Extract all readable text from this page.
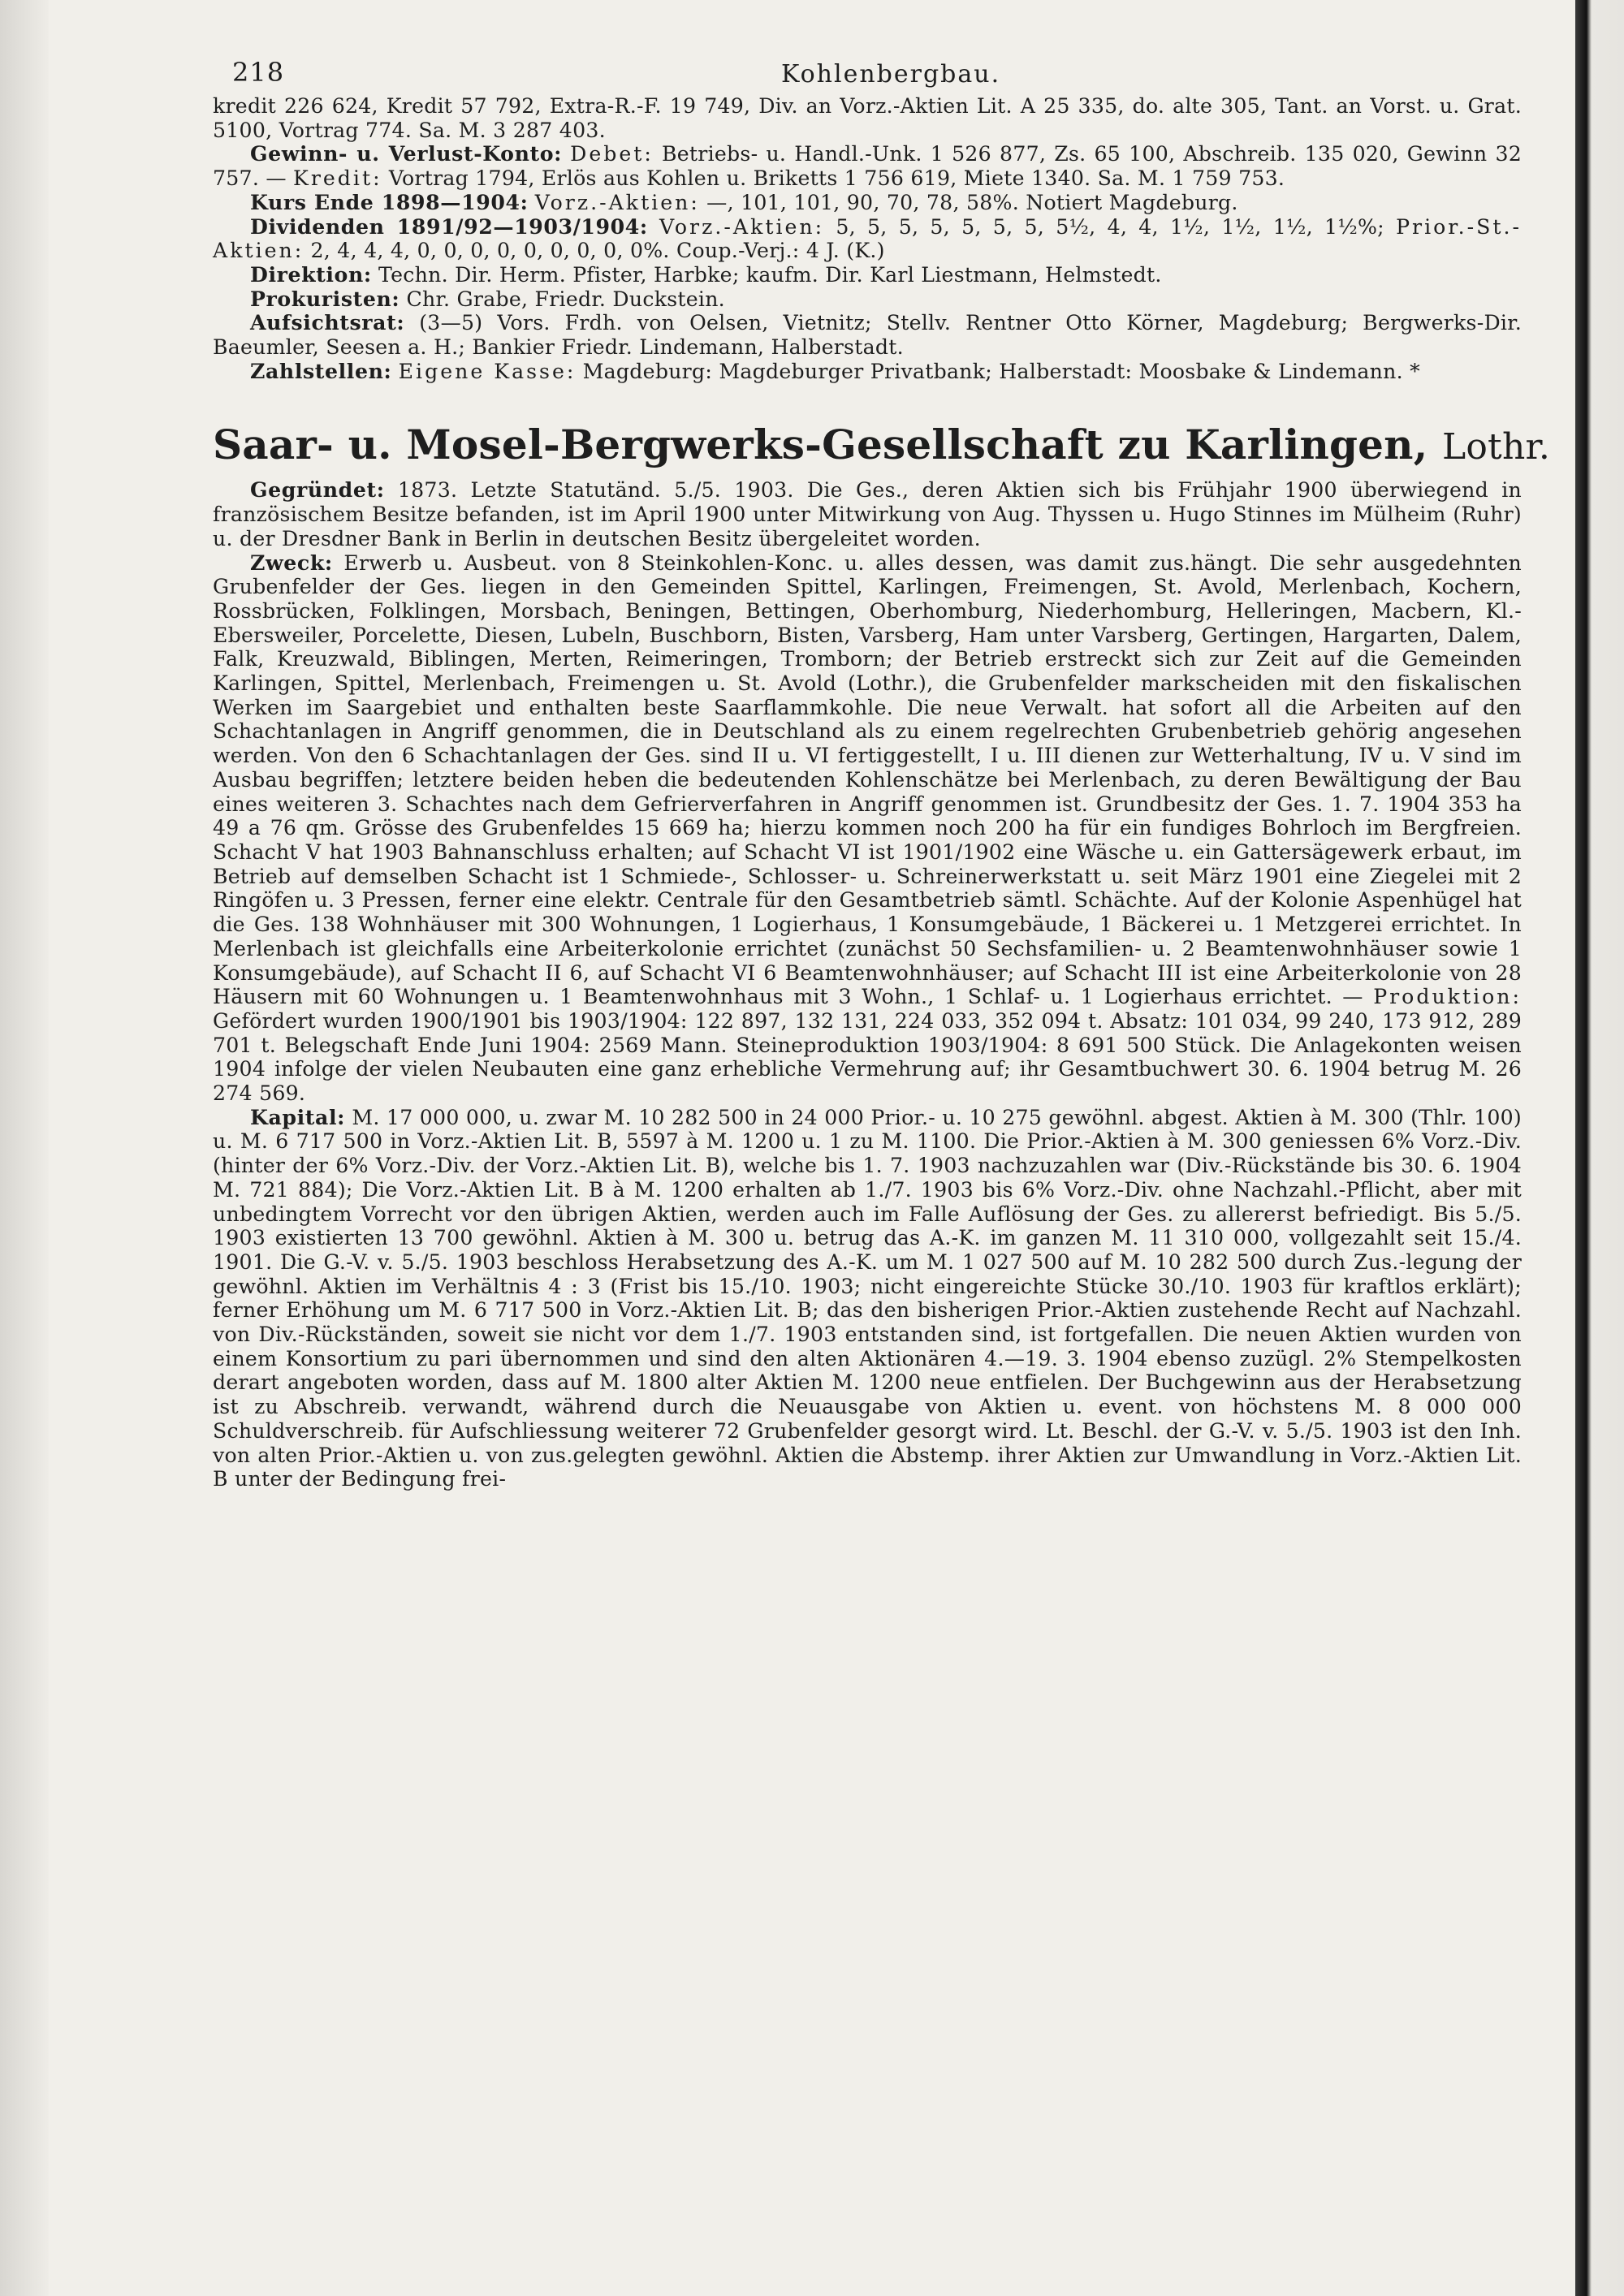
218	Kohlenbergbau.

kredit 226 624, Kredit 57 792, Extra-R.-F. 19 749, Div. an Vorz.-Aktien Lit. A 25 335, do. alte 305, Tant. an Vorst. u. Grat. 5100, Vortrag 774. Sa. M. 3 287 403.

Gewinn- u. Verlust-Konto: Debet: Betriebs- u. Handl.-Unk. 1 526 877, Zs. 65 100, Abschreib. 135 020, Gewinn 32 757. — Kredit: Vortrag 1794, Erlös aus Kohlen u. Briketts 1 756 619, Miete 1340. Sa. M. 1 759 753.

Kurs Ende 1898—1904: Vorz.-Aktien: —, 101, 101, 90, 70, 78, 58%. Notiert Magdeburg.

Dividenden 1891/92—1903/1904: Vorz.-Aktien: 5, 5, 5, 5, 5, 5, 5, 5½, 4, 4, 1½, 1½, 1½, 1½%; Prior.-St.-Aktien: 2, 4, 4, 4, 0, 0, 0, 0, 0, 0, 0, 0, 0%. Coup.-Verj.: 4 J. (K.)

Direktion: Techn. Dir. Herm. Pfister, Harbke; kaufm. Dir. Karl Liestmann, Helmstedt.

Prokuristen: Chr. Grabe, Friedr. Duckstein.

Aufsichtsrat: (3—5) Vors. Frdh. von Oelsen, Vietnitz; Stellv. Rentner Otto Körner, Magdeburg; Bergwerks-Dir. Baeumler, Seesen a. H.; Bankier Friedr. Lindemann, Halberstadt.

Zahlstellen: Eigene Kasse: Magdeburg: Magdeburger Privatbank; Halberstadt: Moosbake & Lindemann. *

Saar- u. Mosel-Bergwerks-Gesellschaft zu Karlingen, Lothr.

Gegründet: 1873. Letzte Statutänd. 5./5. 1903. Die Ges., deren Aktien sich bis Frühjahr 1900 überwiegend in französischem Besitze befanden, ist im April 1900 unter Mitwirkung von Aug. Thyssen u. Hugo Stinnes im Mülheim (Ruhr) u. der Dresdner Bank in Berlin in deutschen Besitz übergeleitet worden.

Zweck: Erwerb u. Ausbeut. von 8 Steinkohlen-Konc. u. alles dessen, was damit zus.hängt. Die sehr ausgedehnten Grubenfelder der Ges. liegen in den Gemeinden Spittel, Karlingen, Freimengen, St. Avold, Merlenbach, Kochern, Rossbrücken, Folklingen, Morsbach, Beningen, Bettingen, Oberhomburg, Niederhomburg, Helleringen, Macbern, Kl.-Ebersweiler, Porcelette, Diesen, Lubeln, Buschborn, Bisten, Varsberg, Ham unter Varsberg, Gertingen, Hargarten, Dalem, Falk, Kreuzwald, Biblingen, Merten, Reimeringen, Tromborn; der Betrieb erstreckt sich zur Zeit auf die Gemeinden Karlingen, Spittel, Merlenbach, Freimengen u. St. Avold (Lothr.), die Grubenfelder markscheiden mit den fiskalischen Werken im Saargebiet und enthalten beste Saarflammkohle. Die neue Verwalt. hat sofort all die Arbeiten auf den Schachtanlagen in Angriff genommen, die in Deutschland als zu einem regelrechten Grubenbetrieb gehörig angesehen werden. Von den 6 Schachtanlagen der Ges. sind II u. VI fertiggestellt, I u. III dienen zur Wetterhaltung, IV u. V sind im Ausbau begriffen; letztere beiden heben die bedeutenden Kohlenschätze bei Merlenbach, zu deren Bewältigung der Bau eines weiteren 3. Schachtes nach dem Gefrierverfahren in Angriff genommen ist. Grundbesitz der Ges. 1. 7. 1904 353 ha 49 a 76 qm. Grösse des Grubenfeldes 15 669 ha; hierzu kommen noch 200 ha für ein fundiges Bohrloch im Bergfreien. Schacht V hat 1903 Bahnanschluss erhalten; auf Schacht VI ist 1901/1902 eine Wäsche u. ein Gattersägewerk erbaut, im Betrieb auf demselben Schacht ist 1 Schmiede-, Schlosser- u. Schreinerwerkstatt u. seit März 1901 eine Ziegelei mit 2 Ringöfen u. 3 Pressen, ferner eine elektr. Centrale für den Gesamtbetrieb sämtl. Schächte. Auf der Kolonie Aspenhügel hat die Ges. 138 Wohnhäuser mit 300 Wohnungen, 1 Logierhaus, 1 Konsumgebäude, 1 Bäckerei u. 1 Metzgerei errichtet. In Merlenbach ist gleichfalls eine Arbeiterkolonie errichtet (zunächst 50 Sechsfamilien- u. 2 Beamtenwohnhäuser sowie 1 Konsumgebäude), auf Schacht II 6, auf Schacht VI 6 Beamtenwohnhäuser; auf Schacht III ist eine Arbeiterkolonie von 28 Häusern mit 60 Wohnungen u. 1 Beamtenwohnhaus mit 3 Wohn., 1 Schlaf- u. 1 Logierhaus errichtet. — Produktion: Gefördert wurden 1900/1901 bis 1903/1904: 122 897, 132 131, 224 033, 352 094 t. Absatz: 101 034, 99 240, 173 912, 289 701 t. Belegschaft Ende Juni 1904: 2569 Mann. Steineproduktion 1903/1904: 8 691 500 Stück. Die Anlagekonten weisen 1904 infolge der vielen Neubauten eine ganz erhebliche Vermehrung auf; ihr Gesamtbuchwert 30. 6. 1904 betrug M. 26 274 569.

Kapital: M. 17 000 000, u. zwar M. 10 282 500 in 24 000 Prior.- u. 10 275 gewöhnl. abgest. Aktien à M. 300 (Thlr. 100) u. M. 6 717 500 in Vorz.-Aktien Lit. B, 5597 à M. 1200 u. 1 zu M. 1100. Die Prior.-Aktien à M. 300 geniessen 6% Vorz.-Div. (hinter der 6% Vorz.-Div. der Vorz.-Aktien Lit. B), welche bis 1. 7. 1903 nachzuzahlen war (Div.-Rückstände bis 30. 6. 1904 M. 721 884); Die Vorz.-Aktien Lit. B à M. 1200 erhalten ab 1./7. 1903 bis 6% Vorz.-Div. ohne Nachzahl.-Pflicht, aber mit unbedingtem Vorrecht vor den übrigen Aktien, werden auch im Falle Auflösung der Ges. zu allererst befriedigt. Bis 5./5. 1903 existierten 13 700 gewöhnl. Aktien à M. 300 u. betrug das A.-K. im ganzen M. 11 310 000, vollgezahlt seit 15./4. 1901. Die G.-V. v. 5./5. 1903 beschloss Herabsetzung des A.-K. um M. 1 027 500 auf M. 10 282 500 durch Zus.-legung der gewöhnl. Aktien im Verhältnis 4 : 3 (Frist bis 15./10. 1903; nicht eingereichte Stücke 30./10. 1903 für kraftlos erklärt); ferner Erhöhung um M. 6 717 500 in Vorz.-Aktien Lit. B; das den bisherigen Prior.-Aktien zustehende Recht auf Nachzahl. von Div.-Rückständen, soweit sie nicht vor dem 1./7. 1903 entstanden sind, ist fortgefallen. Die neuen Aktien wurden von einem Konsortium zu pari übernommen und sind den alten Aktionären 4.—19. 3. 1904 ebenso zuzügl. 2% Stempelkosten derart angeboten worden, dass auf M. 1800 alter Aktien M. 1200 neue entfielen. Der Buchgewinn aus der Herabsetzung ist zu Abschreib. verwandt, während durch die Neuausgabe von Aktien u. event. von höchstens M. 8 000 000 Schuldverschreib. für Aufschliessung weiterer 72 Grubenfelder gesorgt wird. Lt. Beschl. der G.-V. v. 5./5. 1903 ist den Inh. von alten Prior.-Aktien u. von zus.gelegten gewöhnl. Aktien die Abstemp. ihrer Aktien zur Umwandlung in Vorz.-Aktien Lit. B unter der Bedingung frei-
